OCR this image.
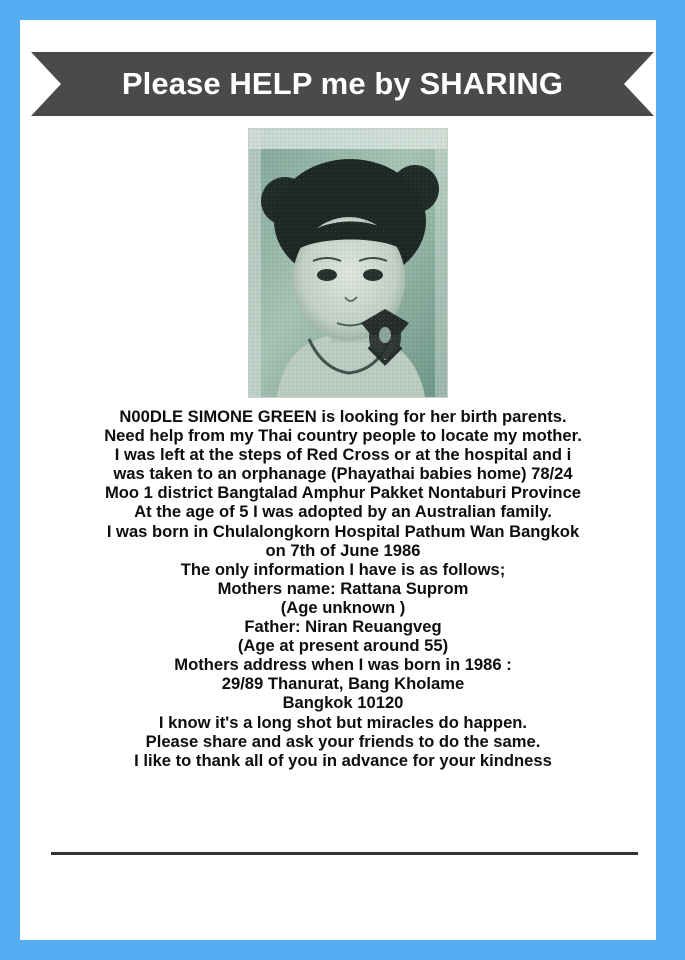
Please HELP me by SHARING
N00DLE SIMONE GREEN is looking for her birth parents.
Need help from my Thai country people to locate my mother.
I was left at the steps of Red Cross or at the hospital and i
was taken to an orphanage (Phayathai babies home) 78/24
Moo 1 district Bangtalad Amphur Pakket Nontaburi Province
At the age of 5 I was adopted by an Australian family.
I was born in Chulalongkorn Hospital Pathum Wan Bangkok
on 7th of June 1986
The only information I have is as follows;
Mothers name: Rattana Suprom
(Age unknown )
Father: Niran Reuangveg
(Age at present around 55)
Mothers address when I was born in 1986 :
29/89 Thanurat, Bang Kholame
Bangkok 10120
I know it's a long shot but miracles do happen.
Please share and ask your friends to do the same.
I like to thank all of you in advance for your kindness
